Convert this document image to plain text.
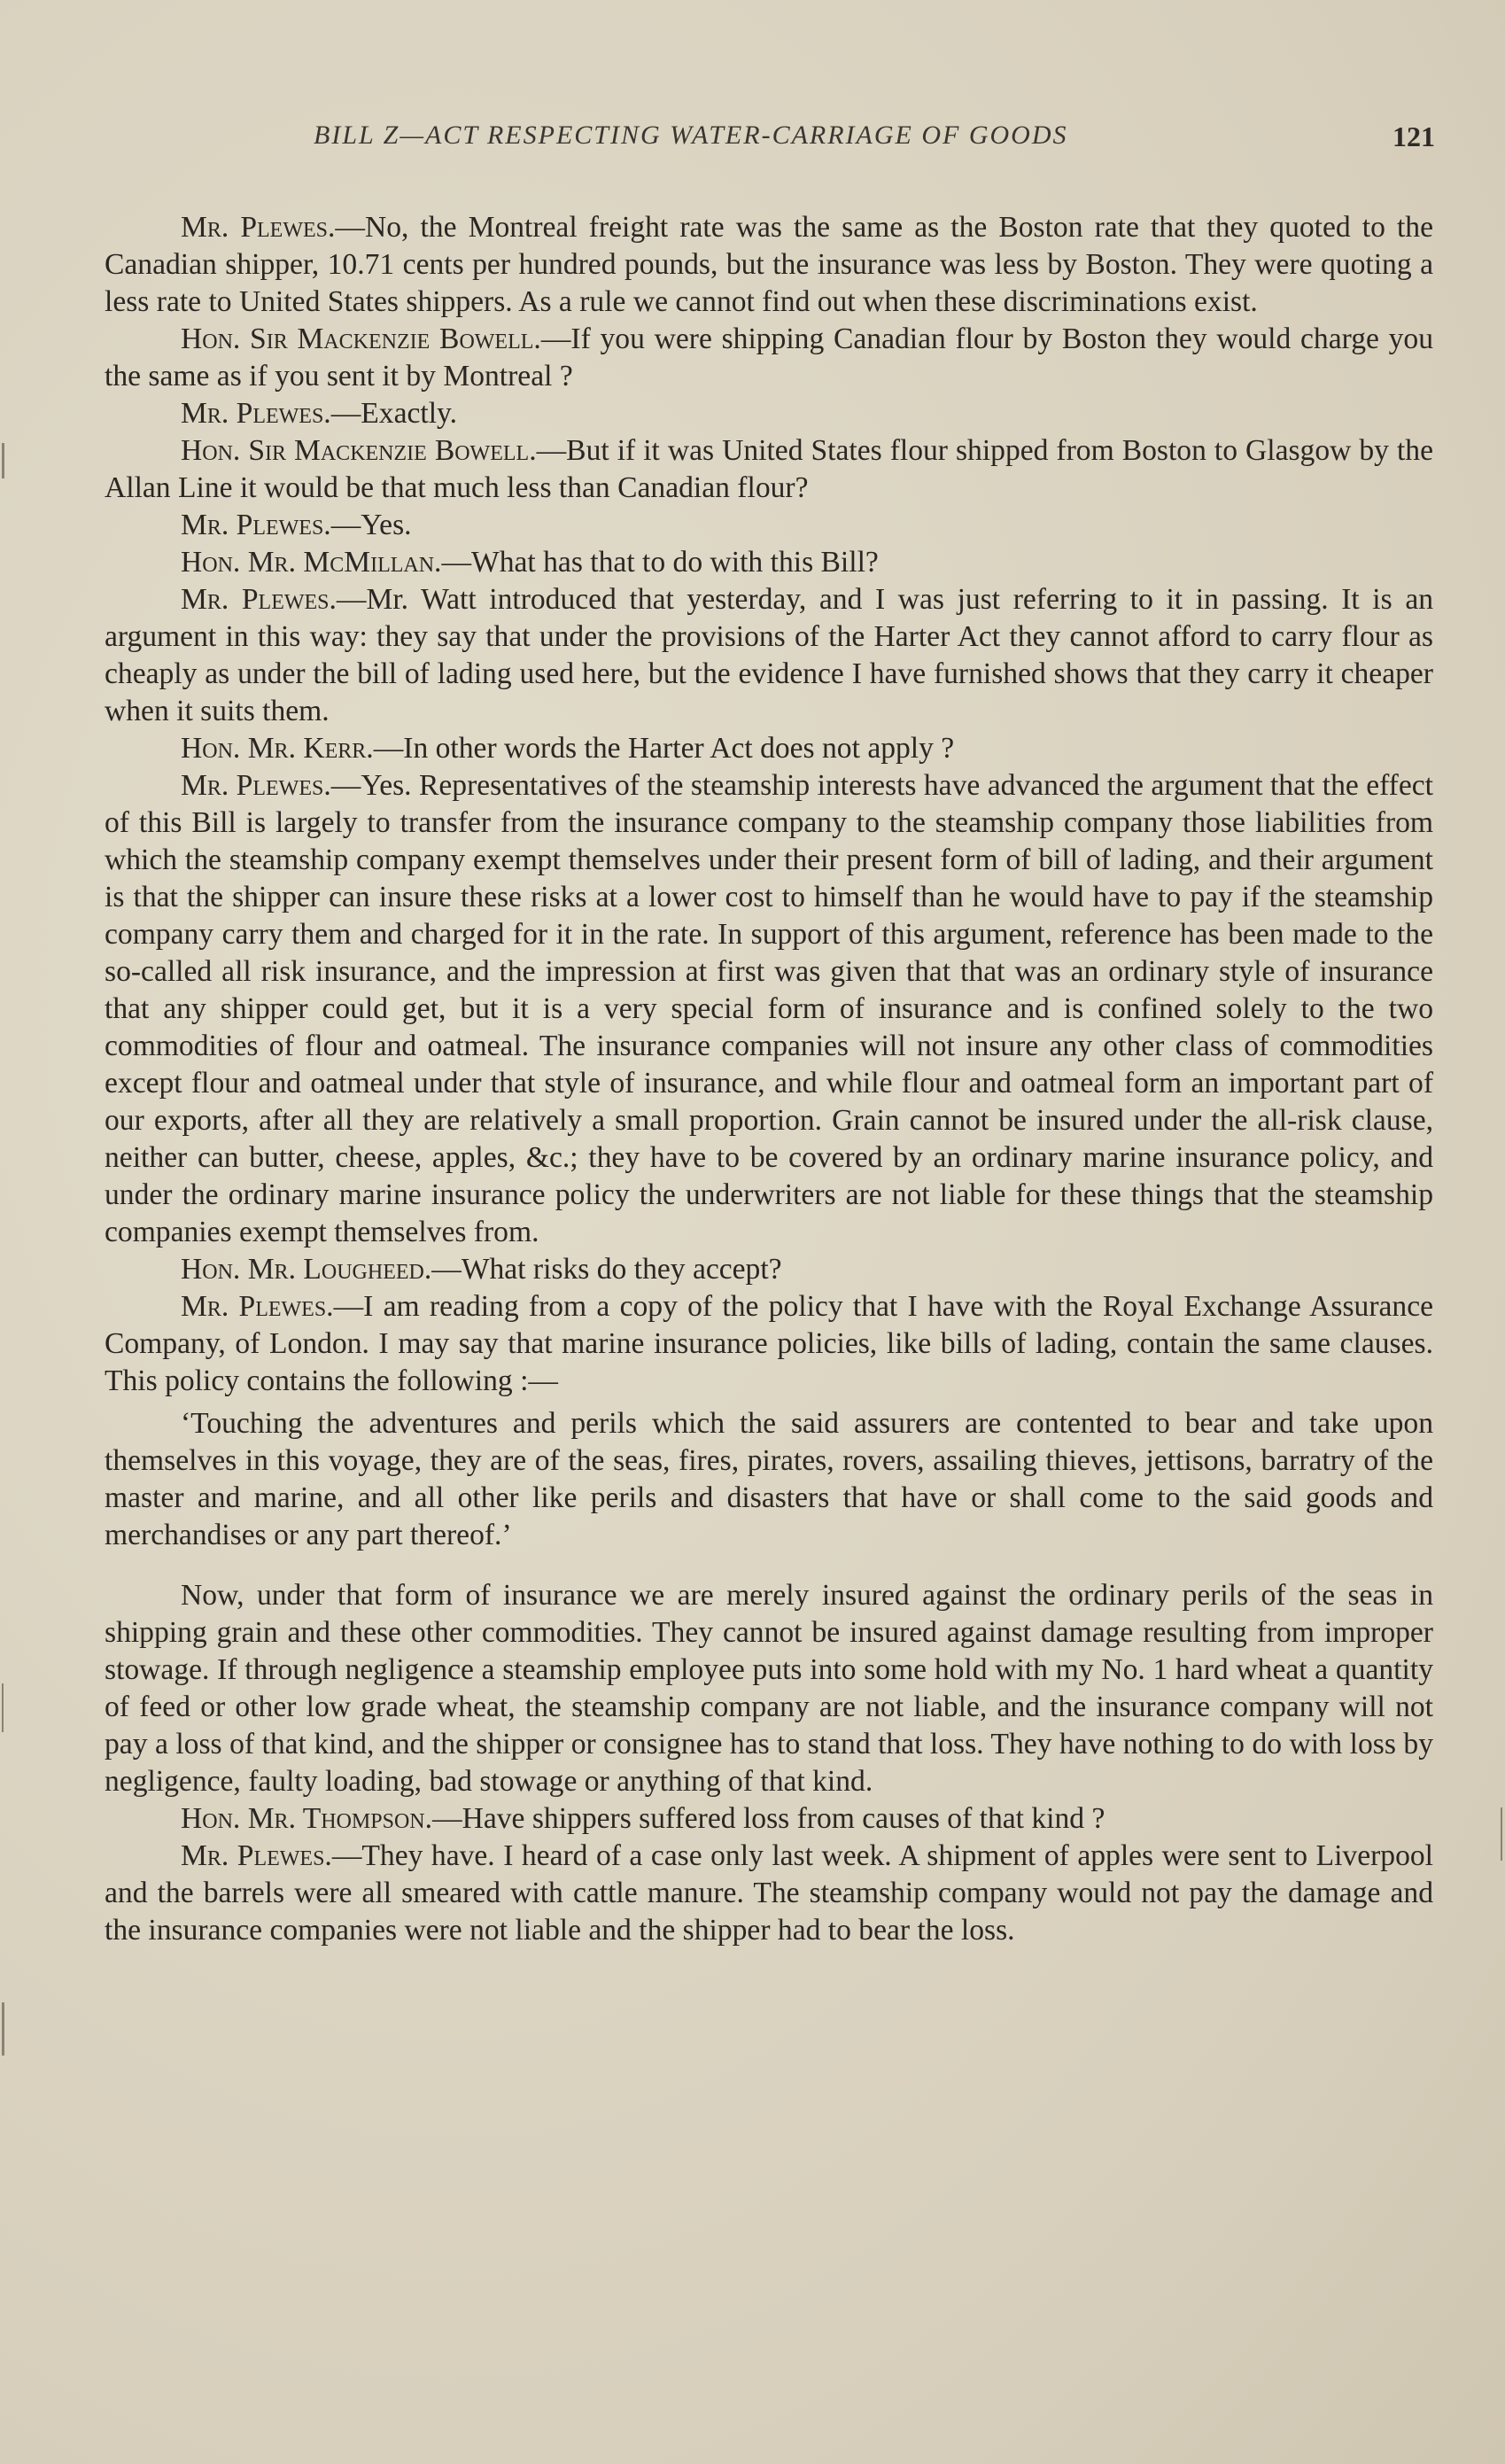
BILL Z—ACT RESPECTING WATER-CARRIAGE OF GOODS	121

Mr. Plewes.—No, the Montreal freight rate was the same as the Boston rate that they quoted to the Canadian shipper, 10.71 cents per hundred pounds, but the insurance was less by Boston. They were quoting a less rate to United States shippers. As a rule we cannot find out when these discriminations exist.

Hon. Sir Mackenzie Bowell.—If you were shipping Canadian flour by Boston they would charge you the same as if you sent it by Montreal ?

Mr. Plewes.—Exactly.

Hon. Sir Mackenzie Bowell.—But if it was United States flour shipped from Boston to Glasgow by the Allan Line it would be that much less than Canadian flour?

Mr. Plewes.—Yes.

Hon. Mr. McMillan.—What has that to do with this Bill?

Mr. Plewes.—Mr. Watt introduced that yesterday, and I was just referring to it in passing. It is an argument in this way: they say that under the provisions of the Harter Act they cannot afford to carry flour as cheaply as under the bill of lading used here, but the evidence I have furnished shows that they carry it cheaper when it suits them.

Hon. Mr. Kerr.—In other words the Harter Act does not apply ?

Mr. Plewes.—Yes. Representatives of the steamship interests have advanced the argument that the effect of this Bill is largely to transfer from the insurance company to the steamship company those liabilities from which the steamship company exempt themselves under their present form of bill of lading, and their argument is that the shipper can insure these risks at a lower cost to himself than he would have to pay if the steamship company carry them and charged for it in the rate. In support of this argument, reference has been made to the so-called all risk insurance, and the impression at first was given that that was an ordinary style of insurance that any shipper could get, but it is a very special form of insurance and is confined solely to the two commodities of flour and oatmeal. The insurance companies will not insure any other class of commodities except flour and oatmeal under that style of insurance, and while flour and oatmeal form an important part of our exports, after all they are relatively a small proportion. Grain cannot be insured under the all-risk clause, neither can butter, cheese, apples, &c.; they have to be covered by an ordinary marine insurance policy, and under the ordinary marine insurance policy the underwriters are not liable for these things that the steamship companies exempt themselves from.

Hon. Mr. Lougheed.—What risks do they accept?

Mr. Plewes.—I am reading from a copy of the policy that I have with the Royal Exchange Assurance Company, of London. I may say that marine insurance policies, like bills of lading, contain the same clauses. This policy contains the following :—

‘Touching the adventures and perils which the said assurers are contented to bear and take upon themselves in this voyage, they are of the seas, fires, pirates, rovers, assailing thieves, jettisons, barratry of the master and marine, and all other like perils and disasters that have or shall come to the said goods and merchandises or any part thereof.’

Now, under that form of insurance we are merely insured against the ordinary perils of the seas in shipping grain and these other commodities. They cannot be insured against damage resulting from improper stowage. If through negligence a steamship employee puts into some hold with my No. 1 hard wheat a quantity of feed or other low grade wheat, the steamship company are not liable, and the insurance company will not pay a loss of that kind, and the shipper or consignee has to stand that loss. They have nothing to do with loss by negligence, faulty loading, bad stowage or anything of that kind.

Hon. Mr. Thompson.—Have shippers suffered loss from causes of that kind ?

Mr. Plewes.—They have. I heard of a case only last week. A shipment of apples were sent to Liverpool and the barrels were all smeared with cattle manure. The steamship company would not pay the damage and the insurance companies were not liable and the shipper had to bear the loss.
